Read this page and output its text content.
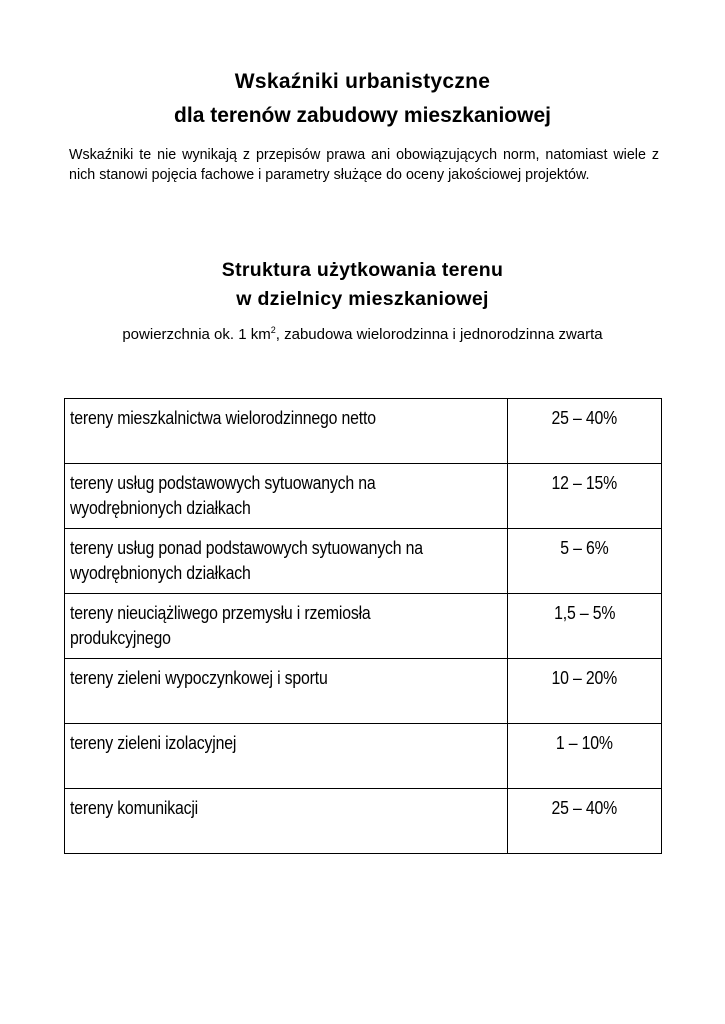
Wskaźniki urbanistyczne
dla terenów zabudowy mieszkaniowej

Wskaźniki te nie wynikają z przepisów prawa ani obowiązujących norm, natomiast wiele z nich stanowi pojęcia fachowe i parametry służące do oceny jakościowej projektów.

Struktura użytkowania terenu
w dzielnicy mieszkaniowej

powierzchnia ok. 1 $km^2$, zabudowa wielorodzinna i jednorodzinna zwarta

tereny mieszkalnictwa wielorodzinnego netto	25 – 40%
tereny usług podstawowych sytuowanych na
wyodrębnionych działkach	12 – 15%
tereny usług ponad podstawowych sytuowanych na
wyodrębnionych działkach	5 – 6%
tereny nieuciążliwego przemysłu i rzemiosła
produkcyjnego	1,5 – 5%
tereny zieleni wypoczynkowej i sportu	10 – 20%
tereny zieleni izolacyjnej	1 – 10%
tereny komunikacji	25 – 40%
